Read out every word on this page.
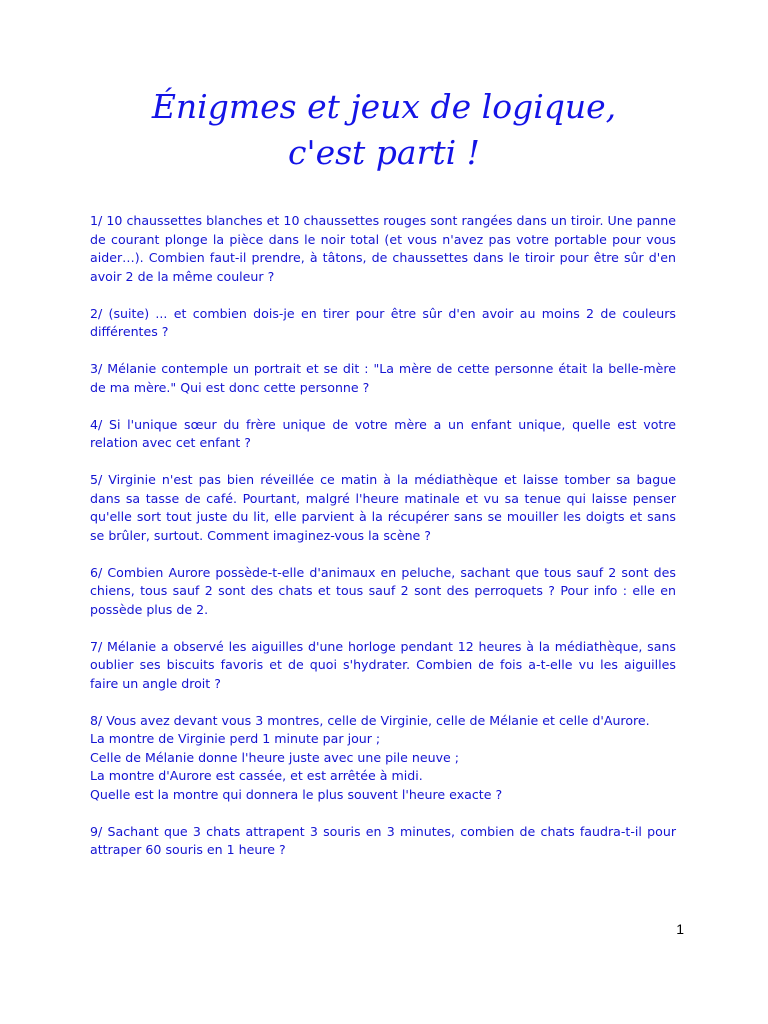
Énigmes et jeux de logique,
c'est parti !

1/ 10 chaussettes blanches et 10 chaussettes rouges sont rangées dans un tiroir. Une panne de courant plonge la pièce dans le noir total (et vous n'avez pas votre portable pour vous aider…). Combien faut-il prendre, à tâtons, de chaussettes dans le tiroir pour être sûr d'en avoir 2 de la même couleur ?

2/ (suite) ... et combien dois-je en tirer pour être sûr d'en avoir au moins 2 de couleurs différentes ?

3/ Mélanie contemple un portrait et se dit : "La mère de cette personne était la belle-mère de ma mère." Qui est donc cette personne ?

4/ Si l'unique sœur du frère unique de votre mère a un enfant unique, quelle est votre relation avec cet enfant ?

5/ Virginie n'est pas bien réveillée ce matin à la médiathèque et laisse tomber sa bague dans sa tasse de café. Pourtant, malgré l'heure matinale et vu sa tenue qui laisse penser qu'elle sort tout juste du lit, elle parvient à la récupérer sans se mouiller les doigts et sans se brûler, surtout. Comment imaginez-vous la scène ?

6/ Combien Aurore possède-t-elle d'animaux en peluche, sachant que tous sauf 2 sont des chiens, tous sauf 2 sont des chats et tous sauf 2 sont des perroquets ? Pour info : elle en possède plus de 2.

7/ Mélanie a observé les aiguilles d'une horloge pendant 12 heures à la médiathèque, sans oublier ses biscuits favoris et de quoi s'hydrater. Combien de fois a-t-elle vu les aiguilles faire un angle droit ?

8/ Vous avez devant vous 3 montres, celle de Virginie, celle de Mélanie et celle d'Aurore.
La montre de Virginie perd 1 minute par jour ;
Celle de Mélanie donne l'heure juste avec une pile neuve ;
La montre d'Aurore est cassée, et est arrêtée à midi.
Quelle est la montre qui donnera le plus souvent l'heure exacte ?

9/ Sachant que 3 chats attrapent 3 souris en 3 minutes, combien de chats faudra-t-il pour attraper 60 souris en 1 heure ?

1
